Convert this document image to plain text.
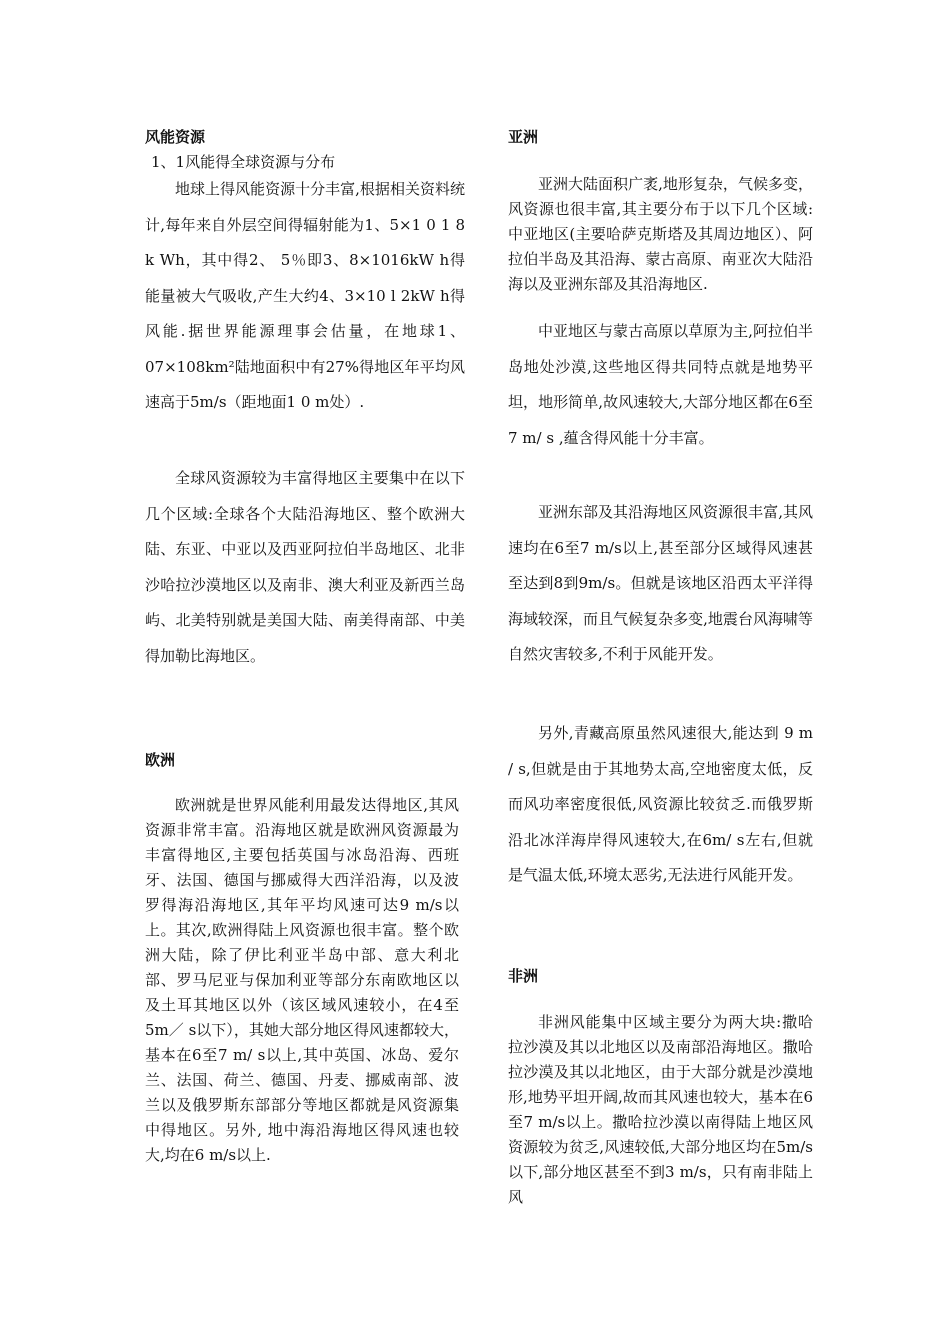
风能资源
1、1风能得全球资源与分布

地球上得风能资源十分丰富,根据相关资料统计,每年来自外层空间得辐射能为1、5×1 0 1 8 k Wh，其中得2、 5％即3、8×1016kW h得能量被大气吸收,产生大约4、3×10 l 2kW h得风能.据世界能源理事会估量，在地球1、07×108km²陆地面积中有27%得地区年平均风速高于5m/s（距地面1 0 m处）.

全球风资源较为丰富得地区主要集中在以下几个区域:全球各个大陆沿海地区、整个欧洲大陆、东亚、中亚以及西亚阿拉伯半岛地区、北非沙哈拉沙漠地区以及南非、澳大利亚及新西兰岛屿、北美特别就是美国大陆、南美得南部、中美得加勒比海地区。

欧洲

欧洲就是世界风能利用最发达得地区,其风资源非常丰富。沿海地区就是欧洲风资源最为丰富得地区,主要包括英国与冰岛沿海、西班牙、法国、德国与挪威得大西洋沿海，以及波罗得海沿海地区,其年平均风速可达9 m/s以上。其次,欧洲得陆上风资源也很丰富。整个欧洲大陆，除了伊比利亚半岛中部、意大利北部、罗马尼亚与保加利亚等部分东南欧地区以及土耳其地区以外（该区域风速较小，在4至5m／ s以下），其她大部分地区得风速都较大，基本在6至7 m/ s以上,其中英国、冰岛、爱尔兰、法国、荷兰、德国、丹麦、挪威南部、波兰以及俄罗斯东部部分等地区都就是风资源集中得地区。另外, 地中海沿海地区得风速也较大,均在6 m/s以上.

亚洲

亚洲大陆面积广袤,地形复杂，气候多变，风资源也很丰富,其主要分布于以下几个区域:中亚地区(主要哈萨克斯塔及其周边地区）、阿拉伯半岛及其沿海、蒙古高原、南亚次大陆沿海以及亚洲东部及其沿海地区.

中亚地区与蒙古高原以草原为主,阿拉伯半岛地处沙漠,这些地区得共同特点就是地势平坦，地形简单,故风速较大,大部分地区都在6至7 m/ s ,蕴含得风能十分丰富。

亚洲东部及其沿海地区风资源很丰富,其风速均在6至7 m/s以上,甚至部分区域得风速甚至达到8到9m/s。但就是该地区沿西太平洋得海域较深，而且气候复杂多变,地震台风海啸等自然灾害较多,不利于风能开发。

另外,青藏高原虽然风速很大,能达到 9 m / s,但就是由于其地势太高,空地密度太低，反而风功率密度很低,风资源比较贫乏.而俄罗斯沿北冰洋海岸得风速较大,在6m/ s左右,但就是气温太低,环境太恶劣,无法进行风能开发。

非洲

非洲风能集中区域主要分为两大块:撒哈拉沙漠及其以北地区以及南部沿海地区。撒哈拉沙漠及其以北地区，由于大部分就是沙漠地形,地势平坦开阔,故而其风速也较大，基本在6至7 m/s以上。撒哈拉沙漠以南得陆上地区风资源较为贫乏,风速较低,大部分地区均在5m/s以下,部分地区甚至不到3 m/s，只有南非陆上风
